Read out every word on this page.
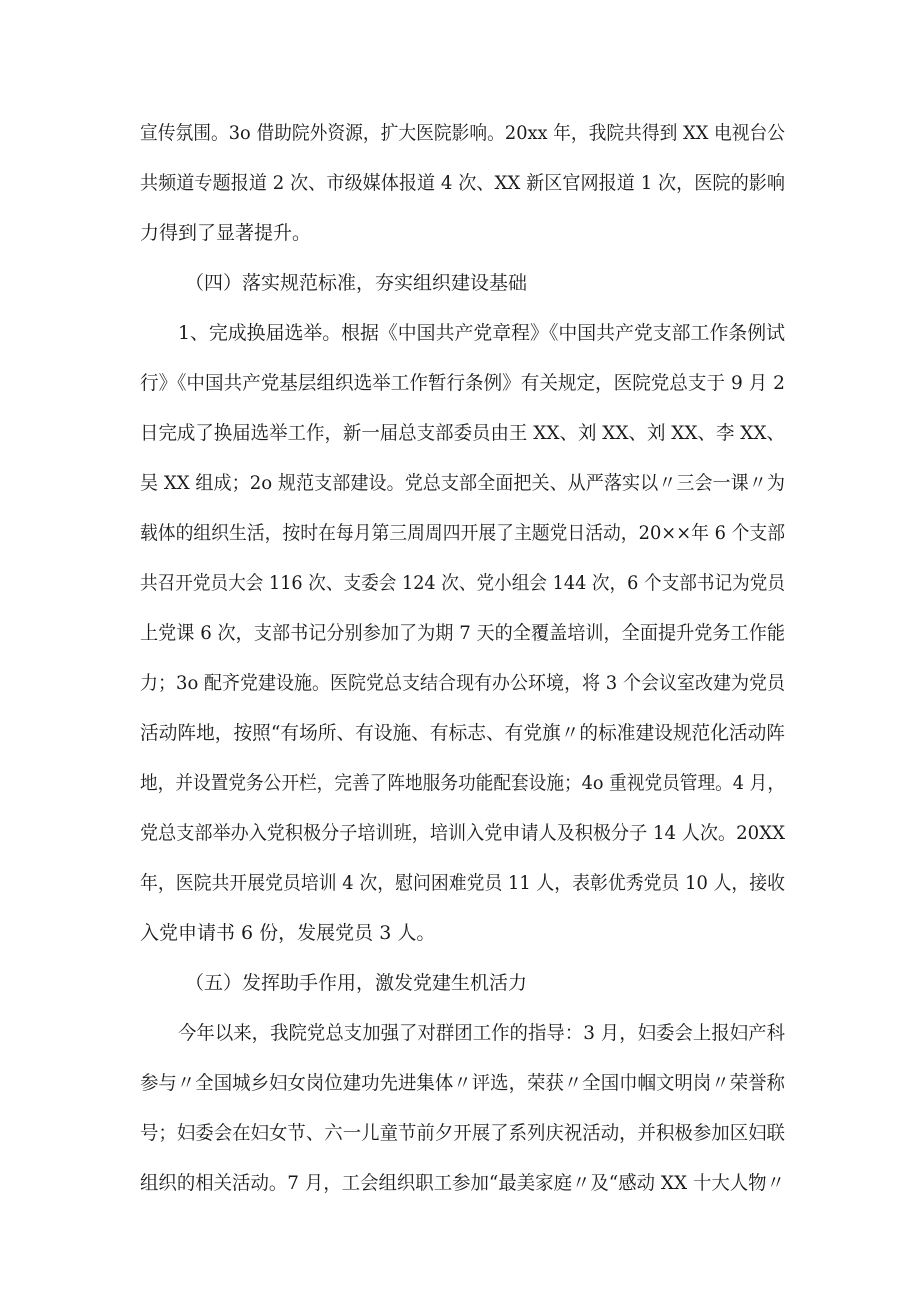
宣传氛围。3o 借助院外资源，扩大医院影响。20xx 年，我院共得到 XX 电视台公
共频道专题报道 2 次、市级媒体报道 4 次、XX 新区官网报道 1 次，医院的影响
力得到了显著提升。
（四）落实规范标准，夯实组织建设基础
1、完成换届选举。根据《中国共产党章程》《中国共产党支部工作条例试
行》《中国共产党基层组织选举工作暂行条例》有关规定，医院党总支于 9 月 2
日完成了换届选举工作，新一届总支部委员由王 XX、刘 XX、刘 XX、李 XX、
吴 XX 组成；2o 规范支部建设。党总支部全面把关、从严落实以〃三会一课〃为
载体的组织生活，按时在每月第三周周四开展了主题党日活动，20××年 6 个支部
共召开党员大会 116 次、支委会 124 次、党小组会 144 次，6 个支部书记为党员
上党课 6 次，支部书记分别参加了为期 7 天的全覆盖培训，全面提升党务工作能
力；3o 配齐党建设施。医院党总支结合现有办公环境，将 3 个会议室改建为党员
活动阵地，按照“有场所、有设施、有标志、有党旗〃的标准建设规范化活动阵
地，并设置党务公开栏，完善了阵地服务功能配套设施；4o 重视党员管理。4 月，
党总支部举办入党积极分子培训班，培训入党申请人及积极分子 14 人次。20XX
年，医院共开展党员培训 4 次，慰问困难党员 11 人，表彰优秀党员 10 人，接收
入党申请书 6 份，发展党员 3 人。
（五）发挥助手作用，激发党建生机活力
今年以来，我院党总支加强了对群团工作的指导：3 月，妇委会上报妇产科
参与〃全国城乡妇女岗位建功先进集体〃评选，荣获〃全国巾帼文明岗〃荣誉称
号；妇委会在妇女节、六一儿童节前夕开展了系列庆祝活动，并积极参加区妇联
组织的相关活动。7 月，工会组织职工参加“最美家庭〃及“感动 XX 十大人物〃
